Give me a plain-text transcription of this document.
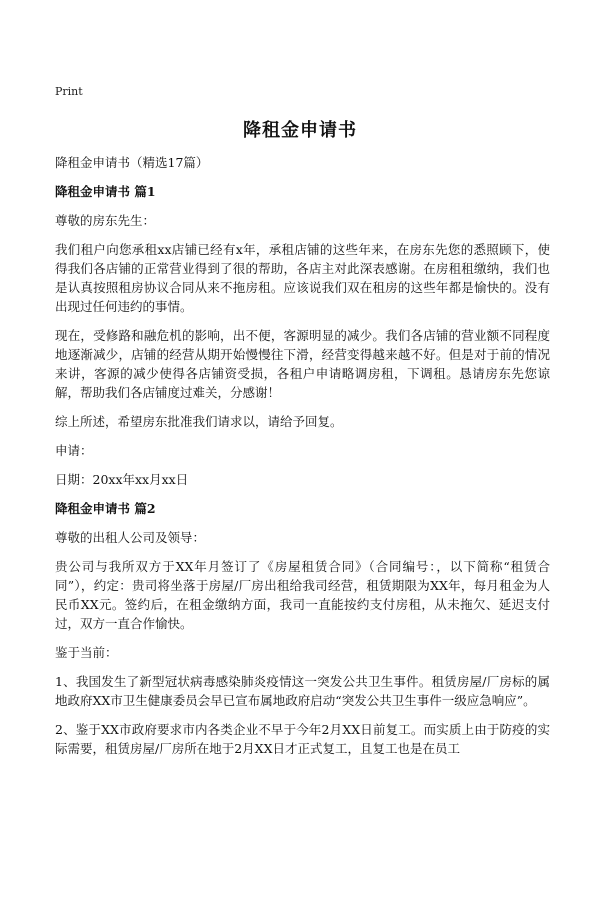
Print
降租金申请书

降租金申请书（精选17篇）

降租金申请书 篇1

尊敬的房东先生：

我们租户向您承租xx店铺已经有x年，承租店铺的这些年来，在房东先您的悉照顾下，使得我们各店铺的正常营业得到了很的帮助，各店主对此深表感谢。在房租租缴纳，我们也是认真按照租房协议合同从来不拖房租。应该说我们双在租房的这些年都是愉快的。没有出现过任何违约的事情。

现在，受修路和融危机的影响，出不便，客源明显的减少。我们各店铺的营业额不同程度地逐渐减少，店铺的经营从期开始慢慢往下滑，经营变得越来越不好。但是对于前的情况来讲，客源的减少使得各店铺资受损，各租户申请略调房租，下调租。恳请房东先您谅解，帮助我们各店铺度过难关，分感谢！

综上所述，希望房东批准我们请求以，请给予回复。

申请：

日期：20xx年xx月xx日

降租金申请书 篇2

尊敬的出租人公司及领导：

贵公司与我所双方于XX年月签订了《房屋租赁合同》（合同编号：，以下简称“租赁合同”），约定：贵司将坐落于房屋/厂房出租给我司经营，租赁期限为XX年，每月租金为人民币XX元。签约后，在租金缴纳方面，我司一直能按约支付房租，从未拖欠、延迟支付过，双方一直合作愉快。

鉴于当前：

1、我国发生了新型冠状病毒感染肺炎疫情这一突发公共卫生事件。租赁房屋/厂房标的属地政府XX市卫生健康委员会早已宣布属地政府启动“突发公共卫生事件一级应急响应”。

2、鉴于XX市政府要求市内各类企业不早于今年2月XX日前复工。而实质上由于防疫的实际需要，租赁房屋/厂房所在地于2月XX日才正式复工，且复工也是在员工
